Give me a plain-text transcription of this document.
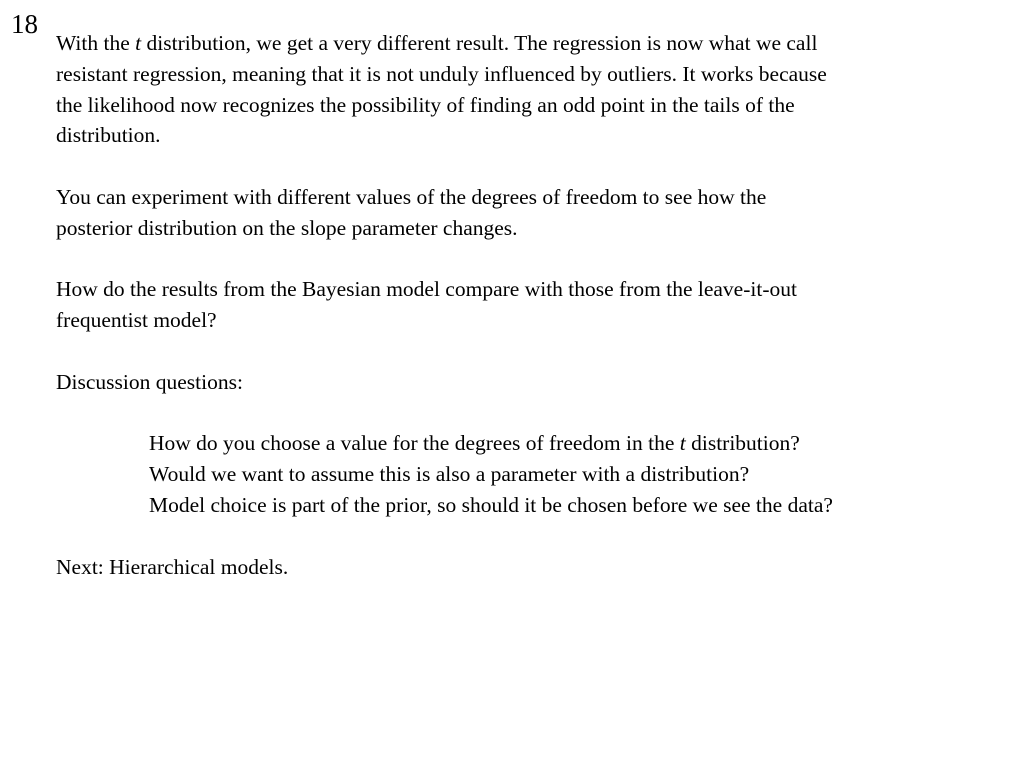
18

With the t distribution, we get a very different result. The regression is now what we call
resistant regression, meaning that it is not unduly influenced by outliers. It works because
the likelihood now recognizes the possibility of finding an odd point in the tails of the
distribution.

You can experiment with different values of the degrees of freedom to see how the
posterior distribution on the slope parameter changes.

How do the results from the Bayesian model compare with those from the leave-it-out
frequentist model?

Discussion questions:

How do you choose a value for the degrees of freedom in the t distribution?
Would we want to assume this is also a parameter with a distribution?
Model choice is part of the prior, so should it be chosen before we see the data?

Next: Hierarchical models.
